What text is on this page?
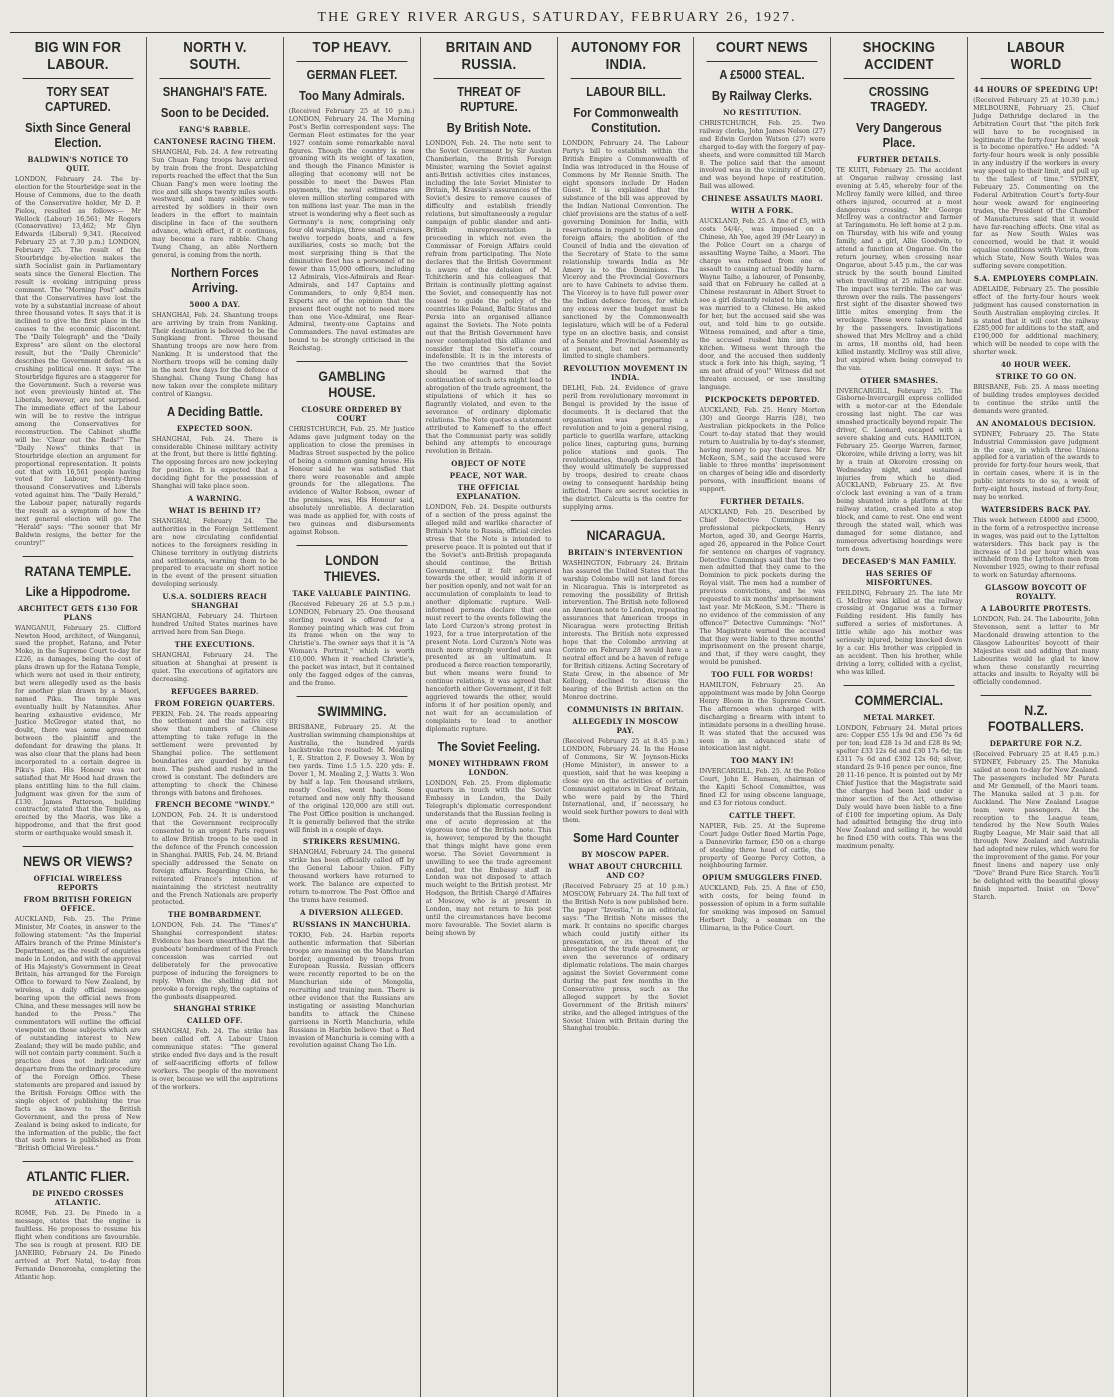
THE GREY RIVER ARGUS, SATURDAY, FEBRUARY 26, 1927.
BIG WIN FOR LABOUR.
TORY SEAT CAPTURED.
Sixth Since General Election.
BALDWIN'S NOTICE TO QUIT.
LONDON, February 24. The by-election for the Stourbridge seat in the House of Commons, due to the death of the Conservative holder, Mr D. P. Pielou, resulted as follows:— Mr Wellock (Labour) 16,561; Mr Rogers (Conservative) 13,462; Mr Glyn Edwards (Liberal) 9,341. (Received February 25 at 7.30 p.m.) LONDON, February 25. The result of the Stourbridge by-election makes the sixth Socialist gain in Parliamentary seats since the General Election. The result is evoking intriguing press comment. The "Morning Post" admits that the Conservatives have lost the vote by a substantial increase of about three thousand votes. It says that it is inclined to give the first place in the causes to the economic discontent. The "Daily Telegraph" and the "Daily Express" are silent on the electoral result, but the "Daily Chronicle" describes the Government defeat as a crushing political one. It says: "The Stourbridge figures are a staggerer for the Government. Such a reverse was not even previously hinted at. The Liberals, however, are not surprised. The immediate effect of the Labour win will be to revive the intrigue among the Conservatives for reconstruction. The Cabinet shuffle will be: 'Clear out the Reds!'" The "Daily News" thinks that in Stourbridge election an argument for proportional representation. It points out that with 16,561 people having voted for Labour, twenty-three thousand Conservatives and Liberals voted against him. The "Daily Herald," the Labour paper, naturally regards the result as a symptom of how the next general election will go. The "Herald" says: "The sooner that Mr Baldwin resigns, the better for the country!"
RATANA TEMPLE.
Like a Hippodrome.
ARCHITECT GETS £130 FOR PLANS
WANGANUI, February 25. Clifford Newton Hood, architect, of Wanganui, sued the prophet, Ratana, and Peter Moko, in the Supreme Court to-day for £226, as damages, being the cost of plans drawn up for the Ratana Temple, which were not used in their entirety, but were allegedly used as the basis for another plan drawn by a Maori, named Piku. The temple was eventually built by Natannites. After hearing exhaustive evidence, Mr Justice McGregor stated that, no doubt, there was some agreement between the plaintiff and the defendant for drawing the plans. It was also clear that the plans had been incorporated to a certain degree in Piku's plan. His Honour was not satisfied that Mr Hood had drawn the plans entitling him to the full claim. Judgment was given for the sum of £130. James Patterson, building contractor, stated that the Temple, as erected by the Maoris, was like a hippodrome, and that the first good storm or earthquake would smash it.
NEWS OR VIEWS?
OFFICIAL WIRELESS REPORTS
FROM BRITISH FOREIGN OFFICE.
AUCKLAND, Feb. 25. The Prime Minister, Mr Coates, in answer to the following statement: "As the Imperial Affairs branch of the Prime Minister's Department, as the result of enquiries made in London, and with the approval of His Majesty's Government in Great Britain, has arranged for the Foreign Office to forward to New Zealand, by wireless, a daily official message bearing upon the official news from China, and these messages will now be handed to the Press." The commentators will outline the official viewpoint on those subjects which are of outstanding interest to New Zealand; they will be made public, and will not contain party comment. Such a practice does not indicate any departure from the ordinary procedure of the Foreign Office. These statements are prepared and issued by the British Foreign Office with the single object of publishing the true facts as known to the British Government, and the press of New Zealand is being asked to indicate, for the information of the public, the fact that such news is published as from "British Official Wireless."
ATLANTIC FLIER.
DE PINEDO CROSSES ATLANTIC.
ROME, Feb. 23. De Pinedo in a message, states that the engine is faultless. He proposes to resume his flight when conditions are favourable. The sea is rough at present. RIO DE JANEIRO, February 24. De Pinedo arrived at Port Natal, to-day from Fernando Denoronha, completing the Atlantic hop.
NORTH V. SOUTH.
SHANGHAI'S FATE.
Soon to be Decided.
FANG'S RABBLE.
CANTONESE RACING THEM.
SHANGHAI, Feb. 24. A few retreating Sun Chuan Fang troops have arrived by train from the front. Despatching reports reached the effect that the Sun Chuan Fang's men were looting the rice and silk shops twenty miles south-westward, and many soldiers were arrested by soldiers in their own leaders in the effort to maintain discipline in face of the southern advance, which effect, if it continues, may become a rare rabble. Chang Tsung Chang, an able Northern general, is coming from the north.
Northern Forces Arriving.
5000 A DAY.
SHANGHAI, Feb. 24. Shantung troops are arriving by train from Nanking. Their destination is believed to be the Sungkiang front. Three thousand Shantung troops are now here from Nanking. It is understood that the Northern troops will be coming daily in the next few days for the defence of Shanghai. Chang Tsung Chang has now taken over the complete military control of Kiangsu.
A Deciding Battle.
EXPECTED SOON.
SHANGHAI, Feb. 24. There is considerable Chinese military activity at the front, but there is little fighting. The opposing forces are now jockeying for position. It is expected that a deciding fight for the possession of Shanghai will take place soon.
A WARNING.
WHAT IS BEHIND IT?
SHANGHAI, February 24. The authorities in the Foreign Settlement are now circulating confidential notices to the foreigners residing in Chinese territory in outlying districts and settlements, warning them to be prepared to evacuate on short notice in the event of the present situation developing seriously.
U.S.A. SOLDIERS REACH SHANGHAI
SHANGHAI, February 24. Thirteen hundred United States marines have arrived here from San Diego.
THE EXECUTIONS.
SHANGHAI, February 24. The situation at Shanghai at present is quiet. The executions of agitators are decreasing.
REFUGEES BARRED.
FROM FOREIGN QUARTERS.
PEKIN, Feb. 24. The reads appearing the settlement and the native city show that numbers of Chinese attempting to take refuge in the settlement were prevented by Shanghai police. The settlement boundaries are guarded by armed men. The pushed and rushed in the crowd is constant. The defenders are attempting to check the Chinese throngs with batons and firehoses.
FRENCH BECOME "WINDY."
LONDON, Feb. 24. It is understood that the Government reciprocally consented to an urgent Paris request to allow British troops to be used in the defence of the French concession in Shanghai. PARIS, Feb. 24. M. Briand specially addressed the Senate on foreign affairs. Regarding China, he reiterated France's intention of maintaining the strictest neutrality and the French Nationals are properly protected.
THE BOMBARDMENT.
LONDON, Feb. 24. The "Times's" Shanghai correspondent states: Evidence has been unearthed that the gunboats' bombardment of the French concession was carried out deliberately for the provocative purpose of inducing the foreigners to reply. When the shelling did not provoke a foreign reply, the captains of the gunboats disappeared.
SHANGHAI STRIKE
CALLED OFF.
SHANGHAI, Feb. 24. The strike has been called off. A Labour Union communique states: "The general strike ended five days and is the result of self-sacrificing efforts of fellow workers. The people of the movement is over, because we will the aspirations of the workers.
TOP HEAVY.
GERMAN FLEET.
Too Many Admirals.
(Received February 25 at 10 p.m.) LONDON, February 24. The Morning Post's Berlin correspondent says: The German Fleet estimates for the year 1927 contain some remarkable naval figures. Though the country is now groaning with its weight of taxation, and though the Finance Minister is alleging that economy will not be possible to meet the Dawes Plan payments, the naval estimates are eleven million sterling compared with ten millions last year. The man in the street is wondering why a fleet such as Germany's is now, comprising only four old warships, three small cruisers, twelve torpedo boats, and a few auxiliaries, costs so much; but the most surprising thing is that the diminutive fleet has a personnel of no fewer than 15,000 officers, including 12 Admirals, Vice-Admirals and Rear-Admirals, and 147 Captains and Commanders, to only 9,854 men. Experts are of the opinion that the present fleet ought not to need more than one Vice-Admiral, one Rear-Admiral, twenty-one Captains and Commanders. The naval estimates are bound to be strongly criticised in the Reichstag.
GAMBLING HOUSE.
CLOSURE ORDERED BY COURT
CHRISTCHURCH, Feb. 25. Mr Justice Adams gave judgment today on the application to close the premises in Madras Street suspected by the police of being a common gaming house. His Honour said he was satisfied that there were reasonable and ample grounds for the allegations. The evidence of Walter Robson, owner of the premises, was, His Honour said, absolutely unreliable. A declaration was made as applied for, with costs of two guineas and disbursements against Robson.
LONDON THIEVES.
TAKE VALUABLE PAINTING.
(Received February 26 at 5.5 p.m.) LONDON, February 25. One thousand sterling reward is offered for a Romney painting which was cut from its frame when on the way to Christie's. The owner says that it is "A Woman's Portrait," which is worth £10,000. When it reached Christie's, the packet was intact, but it contained only the fagged edges of the canvas, and the frame.
SWIMMING.
BRISBANE, February 25. At the Australian swimming championships at Australia, the hundred yards backstroke race resulted: M. Mealing 1, E. Stratton 2, F. Dowsey 3. Won by two yards. Time 1.5 1.5. 220 yds: E. Dover 1, M. Mealing 2, J. Watts 3. Won by half a lap. Ten thousand strikers, mostly Coolies, went back. Some returned and now only fifty thousand of the original 120,000 are still out. The Post Office position is unchanged. It is generally believed that the strike will finish in a couple of days.
STRIKERS RESUMING.
SHANGHAI, February 24. The general strike has been officially called off by the General Labour Union. Fifty thousand workers have returned to work. The balance are expected to return to-morrow. The Post Office and the trams have resumed.
A DIVERSION ALLEGED.
RUSSIANS IN MANCHURIA.
TOKIO, Feb. 24. Harbin reports authentic information that Siberian troops are massing on the Manchurian border, augmented by troops from European Russia. Russian officers were recently reported to be on the Manchurian side of Mongolia, recruiting and training men. There is other evidence that the Russians are instigating or assisting Manchurian bandits to attack the Chinese garrisons in North Manchuria, while Russians in Harbin believe that a Red invasion of Manchuria is coming with a revolution against Chang Tso Lin.
BRITAIN AND RUSSIA.
THREAT OF RUPTURE.
By British Note.
LONDON, Feb. 24. The note sent to the Soviet Government by Sir Austen Chamberlain, the British Foreign Minister, warning the Soviet against anti-British activities cites instances, including the late Soviet Minister to Britain, M. Krassin's assurances of the Soviet's desire to remove causes of difficulty and establish friendly relations, but simultaneously a regular campaign of public slander and anti-British misrepresentation is proceeding in which not even the Commissar of Foreign Affairs could refrain from participating. The Note declares that the British Government is aware of the delusion of M. Tchitcherin and his colleagues that Britain is continually plotting against the Soviet, and consequently has not ceased to guide the policy of the countries like Poland, Baltic States and Persia into an organised alliance against the Soviets. The Note points out that the British Government have never contemplated this alliance and consider that the Soviet's course indefensible. It is in the interests of the two countries that the Soviet should be warned that the continuation of such acts might lead to abrogation of the trade agreement, the stipulations of which it has so flagrantly violated, and even to the severance of ordinary diplomatic relations. The Note quotes a statement attributed to Kameneff to the effect that the Communist party was solidly behind any attempts to encourage revolution in Britain.
OBJECT OF NOTE
PEACE, NOT WAR.
THE OFFICIAL EXPLANATION.
LONDON, Feb. 24. Despite outbursts of a section of the press against the alleged mild and warlike character of Britain's Note to Russia, official circles stress that the Note is intended to preserve peace. It is pointed out that if the Soviet's anti-British propaganda should continue, the British Government, if it felt aggrieved towards the other, would inform it of her position openly, and not wait for an accumulation of complaints to lead to another diplomatic rupture. Well-informed persons declare that one must revert to the events following the late Lord Curzon's strong protest in 1923, for a true interpretation of the present Note. Lord Curzon's Note was much more strongly worded and was presented as an ultimatum. It produced a fierce reaction temporarily, but when means were found to continue relations, it was agreed that henceforth either Government, if it felt aggrieved towards the other, would inform it of her position openly, and not wait for an accumulation of complaints to lead to another diplomatic rupture.
The Soviet Feeling.
MONEY WITHDRAWN FROM LONDON.
LONDON, Feb. 25. From diplomatic quarters in touch with the Soviet Embassy in London, the Daily Telegraph's diplomatic correspondent understands that the Russian feeling is one of acute depression at the vigorous tone of the British note. This is, however, tempered by the thought that things might have gone even worse. The Soviet Government is unwilling to see the trade agreement ended, but the Embassy staff in London was not disposed to attach much weight to the British protest. Mr Hodgson, the British Chargé d'Affaires at Moscow, who is at present in London, may not return to his post until the circumstances have become more favourable. The Soviet alarm is being shown by
AUTONOMY FOR INDIA.
LABOUR BILL.
For Commonwealth Constitution.
LONDON, February 24. The Labour Party's bill to establish within the British Empire a Commonwealth of India was introduced in the House of Commons by Mr Rennie Smith. The eight sponsors include Dr Haden Guest. It is explained that the substance of the bill was approved by the Indian National Convention. The chief provisions are the status of a self-governing Dominion for India, with reservations in regard to defence and foreign affairs; the abolition of the Council of India and the elevation of the Secretary of State to the same relationship towards India as Mr Amery is to the Dominions. The Viceroy and the Provincial Governors are to have Cabinets to advise them. The Viceroy is to have full power over the Indian defence forces, for which any excess over the budget must be sanctioned by the Commonwealth legislature, which will be of a Federal type on an elective basis, and consist of a Senate and Provincial Assembly as at present, but not permanently limited to single chambers.
REVOLUTION MOVEMENT IN INDIA.
DELHI, Feb. 24. Evidence of grave peril from revolutionary movement in Bengal is provided by the issue of documents. It is declared that the organisation was preparing a revolution and to join a general rising, particle to guerilla warfare, attacking police lines, capturing guns, burning police stations and gaols. The revolutionaries, though declared that they would ultimately be suppressed by troops, desired to create chaos owing to consequent hardship being inflicted. There are secret societies in the district. Calcutta is the centre for supplying arms.
NICARAGUA.
BRITAIN'S INTERVENTION
WASHINGTON, February 24. Britain has assured the United States that the warship Colombo will not land forces in Nicaragua. This is interpreted as removing the possibility of British intervention. The British note followed an American note to London, repeating assurances that American troops in Nicaragua were protecting British interests. The British note expressed hope that the Colombo arriving at Corinto on February 28 would have a neutral effect and be a haven of refuge for British citizens. Acting Secretary of State Grew, in the absence of Mr Kellogg, declined to discuss the bearing of the British action on the Monroe doctrine.
COMMUNISTS IN BRITAIN.
ALLEGEDLY IN MOSCOW PAY.
(Received February 25 at 8.45 p.m.) LONDON, February 24. In the House of Commons, Sir W. Joynson-Hicks (Home Minister), in answer to a question, said that he was keeping a close eye on the activities of certain Communist agitators in Great Britain, who were paid by the Third International, and, if necessary, he would seek further powers to deal with them.
Some Hard Counter
BY MOSCOW PAPER.
WHAT ABOUT CHURCHILL AND CO?
(Received February 25 at 10 p.m.) MOSCOW, February 24. The full text of the British Note is now published here. The paper "Izvestia," in an editorial, says: "The British Note misses the mark. It contains no specific charges which could justify either its presentation, or its threat of the abrogation of the trade agreement, or even the severance of ordinary diplomatic relations. The main charges against the Soviet Government come during the past few months in the Conservative press, such as the alleged support by the Soviet Government of the British miners' strike, and the alleged intrigues of the Soviet Union with Britain during the Shanghai trouble.
COURT NEWS
A £5000 STEAL.
By Railway Clerks.
NO RESTITUTION.
CHRISTCHURCH, Feb. 25. Two railway clerks, John James Nelson (27) and Edwin Gordon Watson (27) were charged to-day with the forgery of pay-sheets, and were committed till March 8. The police said that the amount involved was in the vicinity of £5000, and was beyond hope of restitution. Bail was allowed.
CHINESE ASSAULTS MAORI.
WITH A FORK.
AUCKLAND, Feb. 25. A fine of £5, with costs 54/4/-, was imposed on a Chinese, Ah Yee, aged 39 (Mr Leary) in the Police Court on a charge of assaulting Wayne Taiho, a Maori. The charge was refused from one of assault to causing actual bodily harm. Wayne Taiho, a labourer, of Ponsonby, said that on February he called at a Chinese restaurant in Albert Street to see a girl distantly related to him, who was married to a Chinese. He asked for her, but the accused said she was out, and told him to go outside. Witness remained, and after a time, the accused rushed him into the kitchen. Witness went through the door, and the accused then suddenly stuck a fork into his thigh, saying, "I am not afraid of you!" Witness did not threaten accused, or use insulting language.
PICKPOCKETS DEPORTED.
AUCKLAND, Feb. 25. Henry Morton (30) and George Harris (28), two Australian pickpockets in the Police Court to-day stated that they would return to Australia by to-day's steamer, having money to pay their fares. Mr McKeon, S.M., said the accused were liable to three months' imprisonment on charges of being idle and disorderly persons, with insufficient means of support.
FURTHER DETAILS.
AUCKLAND, Feb. 25. Described by Chief Detective Cummings as professional pickpockets, Henry Morton, aged 30, and George Harris, aged 26, appeared in the Police Court for sentence on charges of vagrancy. Detective Cummings said that the two men admitted that they came to the Dominion to pick pockets during the Royal visit. The men had a number of previous convictions, and he was requested to six months' imprisonment last year. Mr McKeon, S.M.: "There is no evidence of the commission of any offence?" Detective Cummings: "No!" The Magistrate warned the accused that they were liable to three months' imprisonment on the present charge, and that, if they were caught, they would be punished.
TOO FULL FOR WORDS!
HAMILTON, February 25. An appointment was made by John George Henry Bloom in the Supreme Court. The afternoon when charged with discharging a firearm with intent to intimidate persons in a dwelling house. It was stated that the accused was seen in an advanced state of intoxication last night.
TOO MANY IN!
INVERCARGILL, Feb. 25. At the Police Court, John E. Hansen, chairman of the Kapiti School Committee, was fined £2 for using obscene language, and £3 for riotous conduct.
CATTLE THEFT.
NAPIER, Feb. 25. At the Supreme Court Judge Ostler fined Martin Page, a Dannevirke farmer, £50 on a charge of stealing three head of cattle, the property of George Percy Cotton, a neighbouring farmer.
OPIUM SMUGGLERS FINED.
AUCKLAND, Feb. 25. A fine of £50, with costs, for being found in possession of opium in a form suitable for smoking was imposed on Samuel Herbert Daly, a seaman on the Ulimaroa, in the Police Court.
SHOCKING ACCIDENT
CROSSING TRAGEDY.
Very Dangerous Place.
FURTHER DETAILS.
TE KUITI, February 25. The accident at Ongarue railway crossing last evening at 5.45, whereby four of the McIlroy family were killed, and three others injured, occurred at a most dangerous crossing. Mr George McIlroy was a contractor and farmer at Taringamotu. He left home at 2 p.m. on Thursday, with his wife and young family, and a girl, Allie Goodwin, to attend a function at Ongarue. On the return journey, when crossing near Ongarue, about 5.45 p.m., the car was struck by the south bound Limited when travelling at 25 miles an hour. The impact was terrible. The car was thrown over the rails. The passengers' first sight of the disaster showed two little mites emerging from the wreckage. These were taken in hand by the passengers. Investigations showed that Mrs McIlroy and a child in arms, 18 months old, had been killed instantly. McIlroy was still alive, but expired when being conveyed to the van.
OTHER SMASHES.
INVERCARGILL, February 25. The Gisborne-Invercargill express collided with a motor-car at the Edendale crossing last night. The car was smashed practically beyond repair. The driver, C. Leonard, escaped with a severe shaking and cuts. HAMILTON, February 25. George Warren, farmer, Okoroire, while driving a lorry, was hit by a train at Okoroire crossing on Wednesday night, and sustained injuries from which he died. AUCKLAND, February 25. At five o'clock last evening a van of a tram being shunted into a platform at the railway station, crashed into a stop block, and came to rest. One end went through the stated wall, which was damaged for some distance, and numerous advertising hoardings were torn down.
DECEASED'S MAN FAMILY.
HAS SERIES OF MISFORTUNES.
FEILDING, February 25. The late Mr G. McIlroy was killed at the railway crossing at Ongarue was a former Feilding resident. His family has suffered a series of misfortunes. A little while ago his mother was seriously injured, being knocked down by a car. His brother was crippled in an accident. Then his brother, while driving a lorry, collided with a cyclist, who was killed.
COMMERCIAL.
METAL MARKET.
LONDON, February 24. Metal prices are: Copper £55 13s 9d and £56 7s 6d per ton; lead £28 1s 3d and £28 8s 9d; spelter £33 12s 6d and £30 17s 6d; tin £311 7s 6d and £302 12s 6d; silver, standard 2s 9-16 pence per ounce, fine 28 11-16 pence. It is pointed out by Mr Chief Justice that the Magistrate said the charges had been laid under a minor section of the Act, otherwise Daly would have been liable to a fine of £100 for importing opium. As Daly had admitted bringing the drug into New Zealand and selling it, he would be fined £50 with costs. This was the maximum penalty.
LABOUR WORLD
44 HOURS OF SPEEDING UP!
(Received February 25 at 10.30 p.m.) MELBOURNE, February 25. Chief Judge Dethridge declared in the Arbitration Court that "the pitch fork will have to be recognised in legitimate if the forty-four hours' week is to become operative." He added: "A forty-four hours week is only possible in any industry if the workers in every way speed up to their limit, and pull up to the tallest of time." SYDNEY, February 25. Commenting on the Federal Arbitration Court's forty-four hour week award for engineering trades, the President of the Chamber of Manufactures said that it would have far-reaching effects. One vital as far as New South Wales was concerned, would be that it would equalise conditions with Victoria, from which State, New South Wales was suffering severe competition.
S.A. EMPLOYERS COMPLAIN.
ADELAIDE, February 25. The possible effect of the forty-four hours week judgment has caused consternation in South Australian employing circles. It is stated that it will cost the railway £285,000 for additions to the staff, and £190,000 for additional machinery, which will be needed to cope with the shorter week.
40 HOUR WEEK.
STRIKE TO GO ON.
BRISBANE, Feb. 25. A mass meeting of building trades employees decided to continue the strike until the demands were granted.
AN ANOMALOUS DECISION.
SYDNEY, February 25. The State Industrial Commission gave judgment in the case, in which three Unions applied for a variation of the awards to provide for forty-four hours week, that in certain cases, where it is in the public interests to do so, a week of forty-eight hours, instead of forty-four, may be worked.
WATERSIDERS BACK PAY.
This week between £4000 and £5000, in the form of a retrospective increase in wages, was paid out to the Lyttelton watersiders. This back pay is the increase of 11d per hour which was withheld from the Lyttelton men from November 1925, owing to their refusal to work on Saturday afternoons.
GLASGOW BOYCOTT OF ROYALTY.
A LABOURITE PROTESTS.
LONDON, Feb. 24. The Labourite, John Stevenson, sent a letter to Mr Macdonald drawing attention to the Glasgow Labourites' boycott of their Majesties visit and adding that many Labourites would be glad to know when these constantly recurring attacks and insults to Royalty will be officially condemned.
N.Z. FOOTBALLERS.
DEPARTURE FOR N.Z.
(Received February 25 at 8.45 p.m.) SYDNEY, February 25. The Manuka sailed at noon to-day for New Zealand. The passengers included Mr Parata and Mr Gemmell, of the Maori team. The Manuka sailed at 3 p.m. for Auckland. The New Zealand League team were passengers. At the reception to the League team, tendered by the New South Wales Rugby League, Mr Mair said that all through New Zealand and Australia had adopted new rules, which were for the improvement of the game. For your finest linens and napery use only "Dove" Brand Pure Rice Starch. You'll be delighted with the beautiful glossy finish imparted. Insist on "Dove" Starch.
